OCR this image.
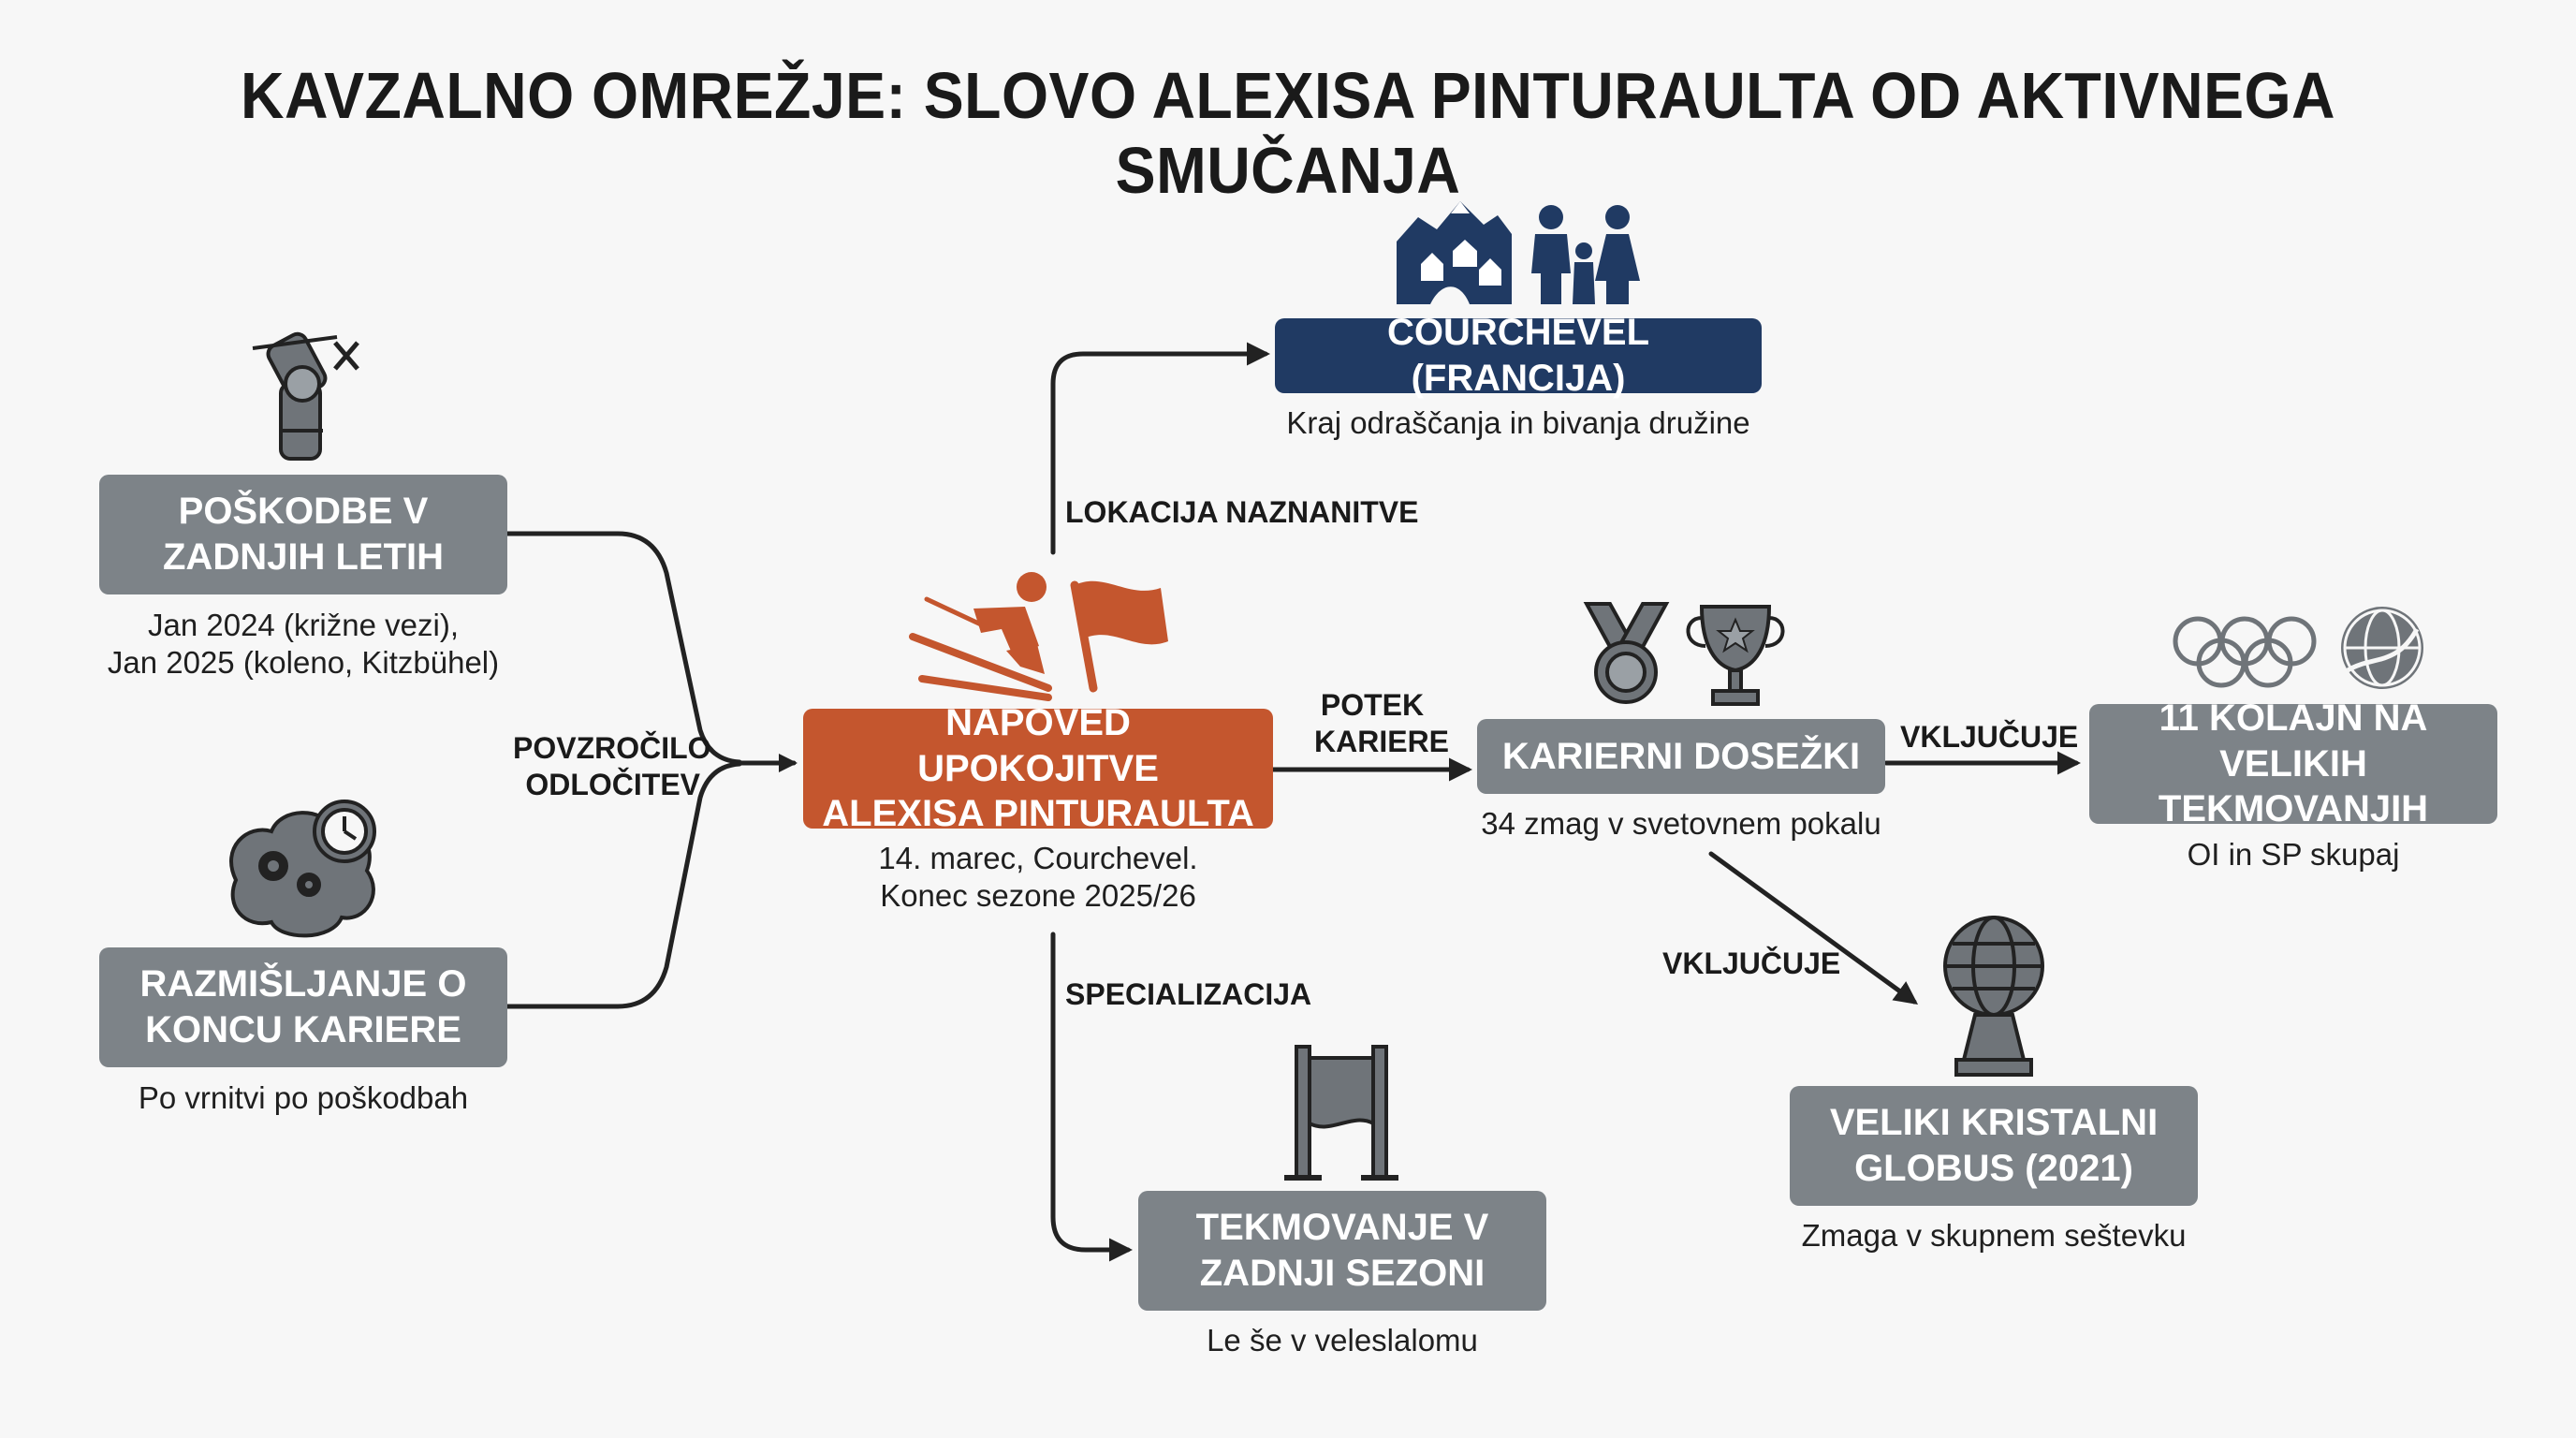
KAVZALNO OMREŽJE: SLOVO ALEXISA PINTURAULTA OD AKTIVNEGA SMUČANJA
POŠKODBE V
ZADNJIH LETIH
Jan 2024 (križne vezi),
Jan 2025 (koleno, Kitzbühel)
RAZMIŠLJANJE O
KONCU KARIERE
Po vrnitvi po poškodbah
NAPOVED UPOKOJITVE
ALEXISA PINTURAULTA
14. marec, Courchevel.
Konec sezone 2025/26
COURCHEVEL (FRANCIJA)
Kraj odraščanja in bivanja družine
KARIERNI DOSEŽKI
34 zmag v svetovnem pokalu
11 KOLAJN NA VELIKIH
TEKMOVANJIH
OI in SP skupaj
VELIKI KRISTALNI
GLOBUS (2021)
Zmaga v skupnem seštevku
TEKMOVANJE V
ZADNJI SEZONI
Le še v veleslalomu
POVZROČILO
ODLOČITEV
LOKACIJA NAZNANITVE
POTEK
KARIERE	VKLJUČUJE
VKLJUČUJE
SPECIALIZACIJA
